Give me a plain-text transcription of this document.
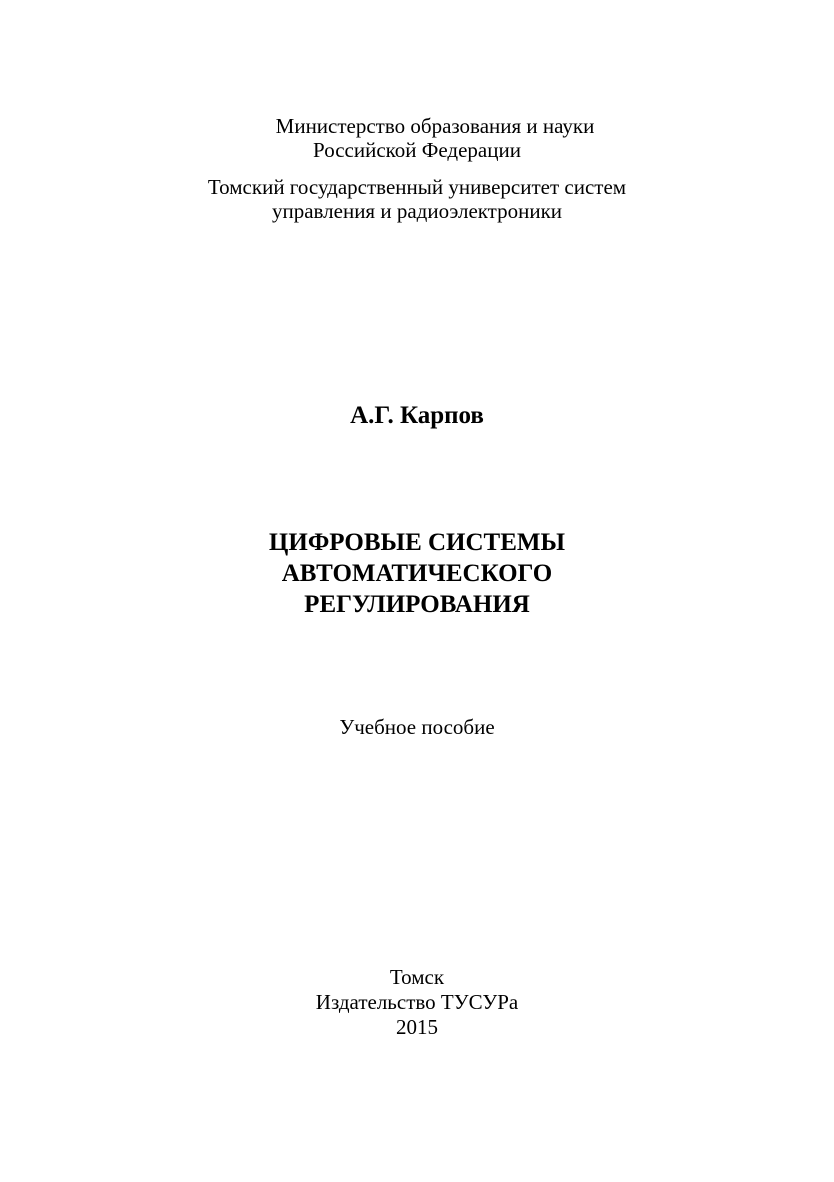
Министерство образования и науки
Российской Федерации
Томский государственный университет систем
управления и радиоэлектроники
А.Г. Карпов
ЦИФРОВЫЕ СИСТЕМЫ
АВТОМАТИЧЕСКОГО
РЕГУЛИРОВАНИЯ
Учебное пособие
Томск
Издательство ТУСУРа
2015
